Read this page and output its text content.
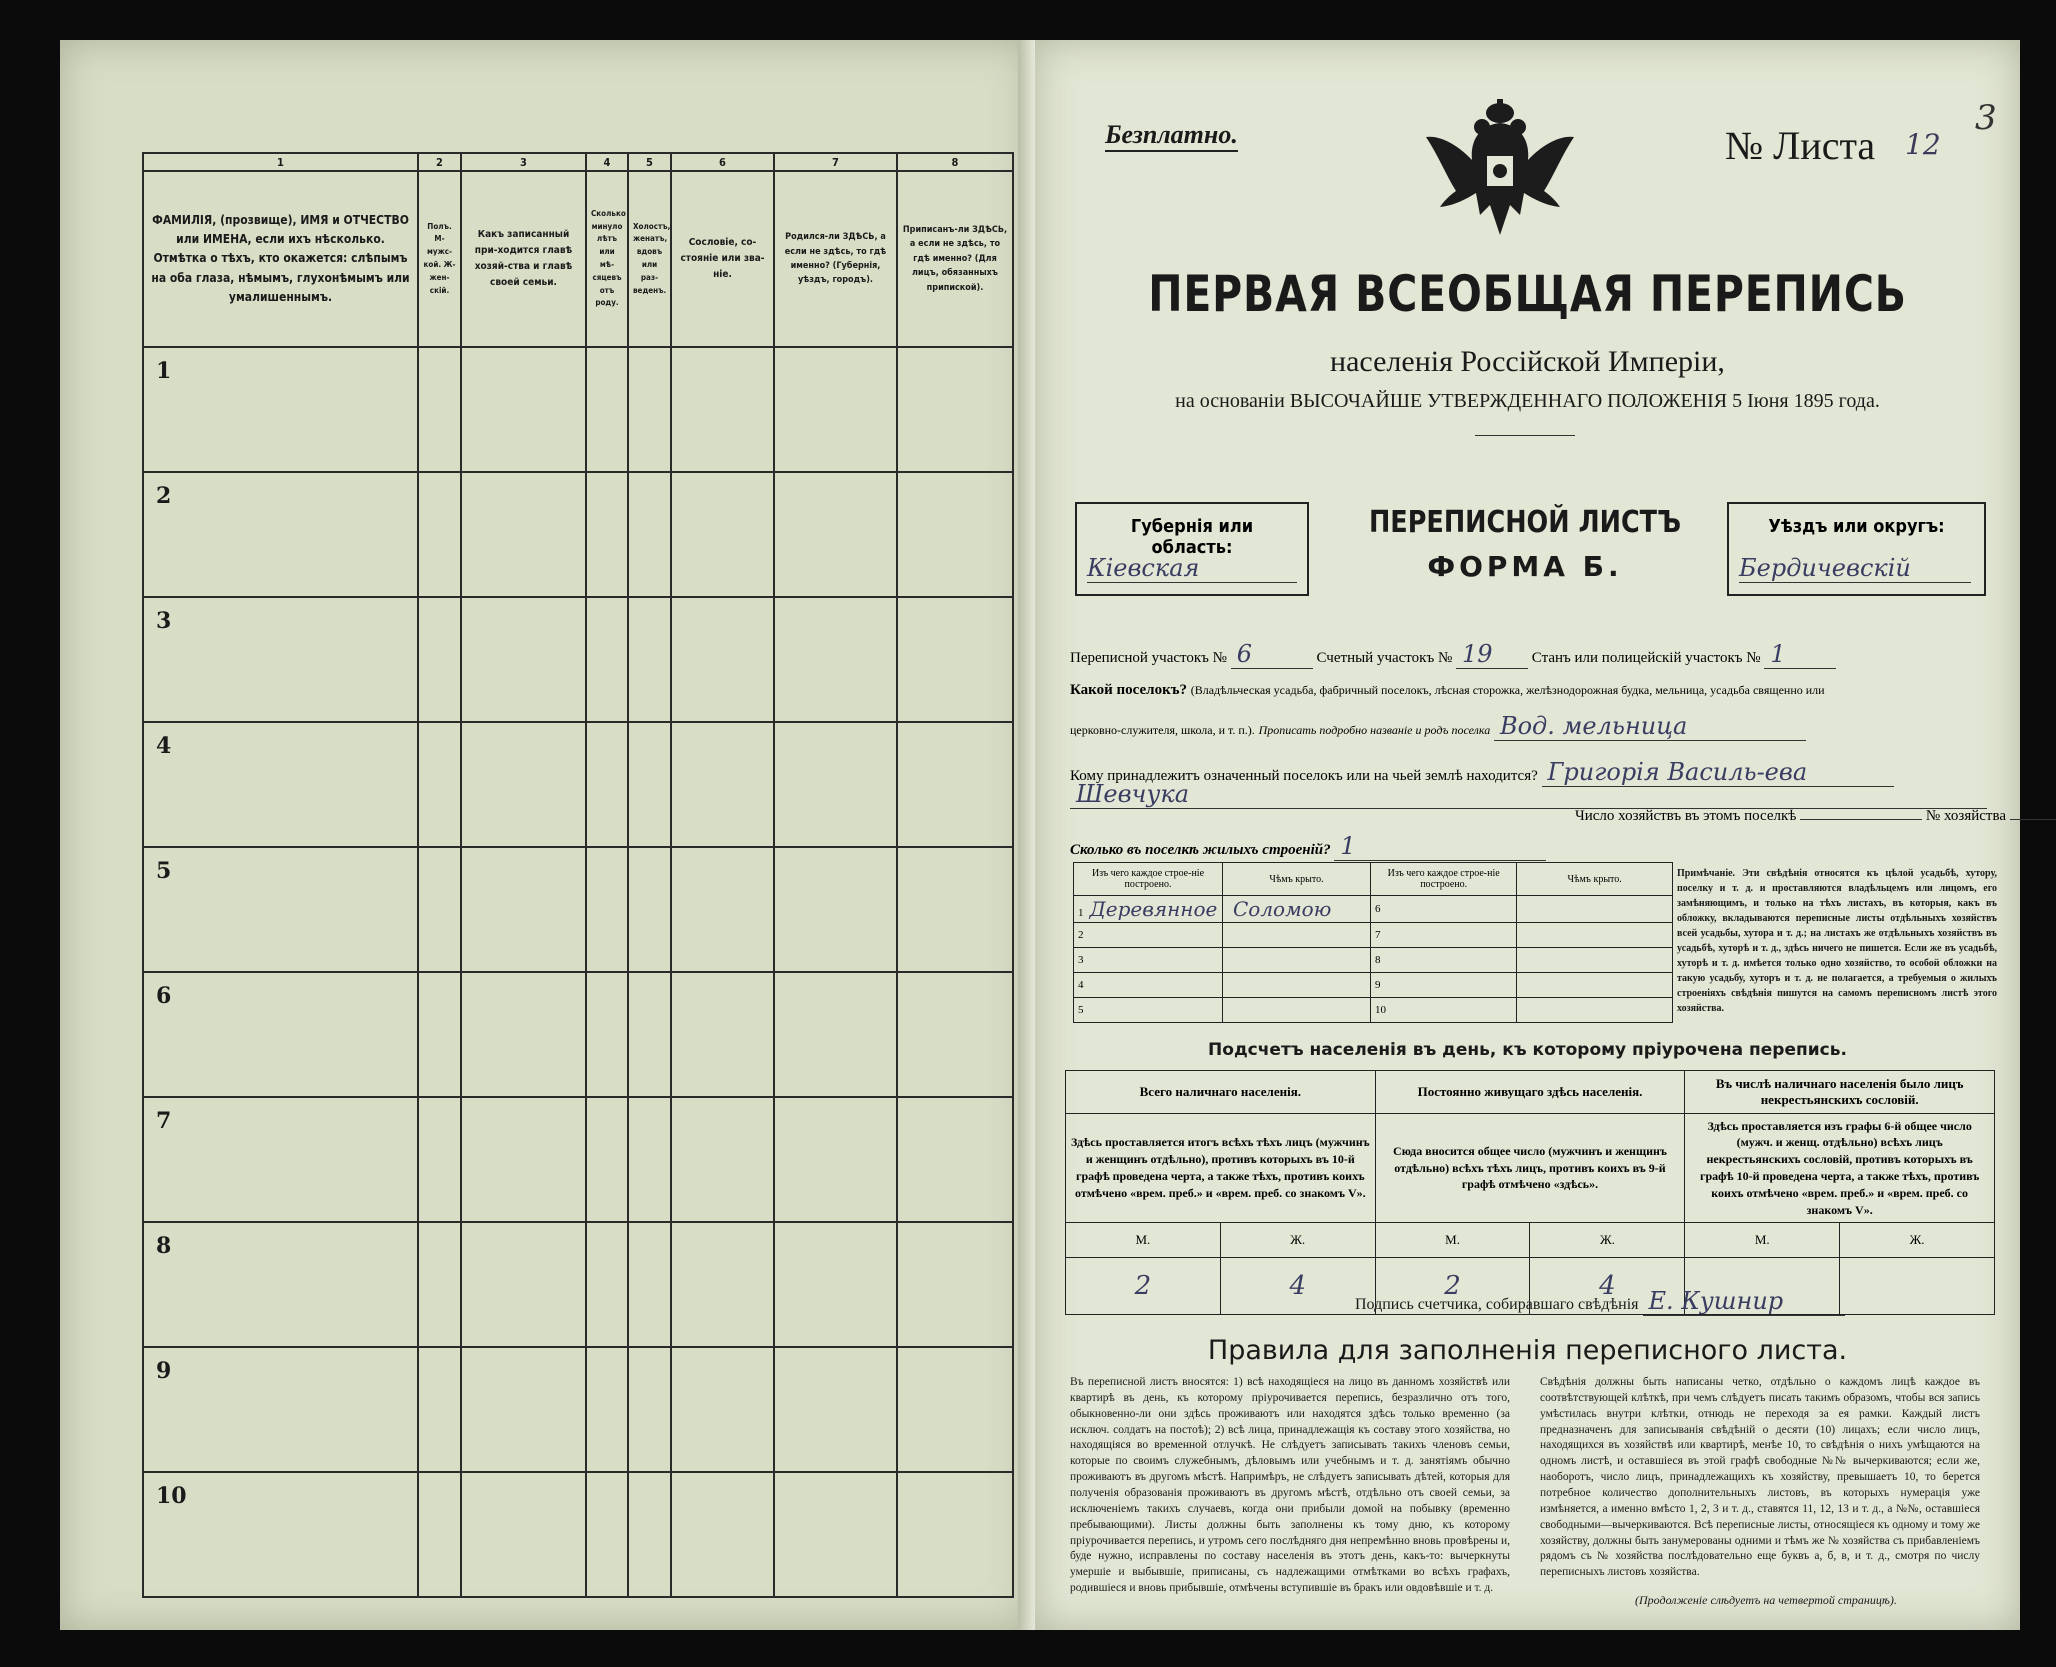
1	2	3	4	5	6	7	8
ФАМИЛІЯ, (прозвище), ИМЯ и ОТЧЕСТВО или ИМЕНА, если ихъ нѣсколько. Отмѣтка о тѣхъ, кто окажется: слѣпымъ на оба глаза, нѣмымъ, глухонѣмымъ или умалишеннымъ.	Полъ. М-мужс-кой. Ж-жен-скій.	Какъ записанный при-ходится главѣ хозяй-ства и главѣ своей семьи.	Сколько минуло лѣтъ или мѣ-сяцевъ отъ роду.	Холостъ, женатъ, вдовъ или раз-веденъ.	Сословіе, со-стояніе или зва-ніе.	Родился-ли ЗДѢСЬ, а если не здѣсь, то гдѣ именно? (Губернія, уѣздъ, городъ).	Приписанъ-ли ЗДѢСЬ, а если не здѣсь, то гдѣ именно? (Для лицъ, обязанныхъ припиской).
1							
2							
3							
4							
5							
6							
7							
8							
9							
10							
Безплатно.	№ Листа 12
3
ПЕРВАЯ ВСЕОБЩАЯ ПЕРЕПИСЬ
населенія Россійской Имперіи,
на основаніи ВЫСОЧАЙШЕ УТВЕРЖДЕННАГО ПОЛОЖЕНІЯ 5 Іюня 1895 года.
Губернія или область:
Кіевская
ПЕРЕПИСНОЙ ЛИСТЪ
ФОРМА Б.
Уѣздъ или округъ:
Бердичевскій
Переписной участокъ № 6	Счетный участокъ № 19	Станъ или полицейскій участокъ № 1
Какой поселокъ? (Владѣльческая усадьба, фабричный поселокъ, лѣсная сторожка, желѣзнодорожная будка, мельница, усадьба священно или
церковно-служителя, школа, и т. п.). Прописать подробно названіе и родъ поселка Вод. мельница
Кому принадлежитъ означенный поселокъ или на чьей землѣ находится? Григорія Василь-ева
Шевчука
Число хозяйствъ въ этомъ поселкѣ	№ хозяйства
Сколько въ поселкѣ жилыхъ строеній? 1
Изъ чего каждое строе-ніе построено.	Чѣмъ крыто.	Изъ чего каждое строе-ніе построено.	Чѣмъ крыто.
1 Деревянное	Соломою	6	
2		7	
3		8	
4		9	
5		10	
Примѣчаніе. Эти свѣдѣнія относятся къ цѣлой усадьбѣ, хутору, поселку и т. д. и проставляются владѣльцемъ или лицомъ, его замѣняющимъ, и только на тѣхъ листахъ, въ которыя, какъ въ обложку, вкладываются переписные листы отдѣльныхъ хозяйствъ всей усадьбы, хутора и т. д.; на листахъ же отдѣльныхъ хозяйствъ въ усадьбѣ, хуторѣ и т. д., здѣсь ничего не пишется. Если же въ усадьбѣ, хуторѣ и т. д. имѣется только одно хозяйство, то особой обложки на такую усадьбу, хуторъ и т. д. не полагается, а требуемыя о жилыхъ строеніяхъ свѣдѣнія пишутся на самомъ переписномъ листѣ этого хозяйства.
Подсчетъ населенія въ день, къ которому пріурочена перепись.
Всего наличнаго населенія.		Постоянно живущаго здѣсь населенія.		Въ числѣ наличнаго населенія было лицъ некрестьянскихъ сословій.	
Здѣсь проставляется итогъ всѣхъ тѣхъ лицъ (мужчинъ и женщинъ отдѣльно), противъ которыхъ въ 10-й графѣ проведена черта, а также тѣхъ, противъ коихъ отмѣчено «врем. преб.» и «врем. преб. со знакомъ V».		Сюда вносится общее число (мужчинъ и женщинъ отдѣльно) всѣхъ тѣхъ лицъ, противъ коихъ въ 9-й графѣ отмѣчено «здѣсь».		Здѣсь проставляется изъ графы 6-й общее число (мужч. и женщ. отдѣльно) всѣхъ лицъ некрестьянскихъ сословій, противъ которыхъ въ графѣ 10-й проведена черта, а также тѣхъ, противъ коихъ отмѣчено «врем. преб.» и «врем. преб. со знакомъ V».	
М.	Ж.	М.	Ж.	М.	Ж.
2	4	2	4		
Подпись счетчика, собиравшаго свѣдѣнія Е. Кушнир
Правила для заполненія переписного листа.
Въ переписной листъ вносятся: 1) всѣ находящіеся на лицо въ данномъ хозяйствѣ или квартирѣ въ день, къ которому пріурочивается перепись, безразлично отъ того, обыкновенно-ли они здѣсь проживаютъ или находятся здѣсь только временно (за исключ. солдатъ на постоѣ); 2) всѣ лица, принадлежащія къ составу этого хозяйства, но находящіяся во временной отлучкѣ. Не слѣдуетъ записывать такихъ членовъ семьи, которые по своимъ служебнымъ, дѣловымъ или учебнымъ и т. д. занятіямъ обычно проживаютъ въ другомъ мѣстѣ. Напримѣръ, не слѣдуетъ записывать дѣтей, которыя для полученія образованія проживаютъ въ другомъ мѣстѣ, отдѣльно отъ своей семьи, за исключеніемъ такихъ случаевъ, когда они прибыли домой на побывку (временно пребывающими). Листы должны быть заполнены къ тому дню, къ которому пріурочивается перепись, и утромъ сего послѣдняго дня непремѣнно вновь провѣрены и, буде нужно, исправлены по составу населенія въ этотъ день, какъ-то: вычеркнуты умершіе и выбывшіе, приписаны, съ надлежащими отмѣтками во всѣхъ графахъ, родившіеся и вновь прибывшіе, отмѣчены вступившіе въ бракъ или овдовѣвшіе и т. д.
Свѣдѣнія должны быть написаны четко, отдѣльно о каждомъ лицѣ каждое въ соотвѣтствующей клѣткѣ, при чемъ слѣдуетъ писать такимъ образомъ, чтобы вся запись умѣстилась внутри клѣтки, отнюдь не переходя за ея рамки. Каждый листъ предназначенъ для записыванія свѣдѣній о десяти (10) лицахъ; если число лицъ, находящихся въ хозяйствѣ или квартирѣ, менѣе 10, то свѣдѣнія о нихъ умѣщаются на одномъ листѣ, и оставшіеся въ этой графѣ свободные №№ вычеркиваются; если же, наоборотъ, число лицъ, принадлежащихъ къ хозяйству, превышаетъ 10, то берется потребное количество дополнительныхъ листовъ, въ которыхъ нумерація уже измѣняется, а именно вмѣсто 1, 2, 3 и т. д., ставятся 11, 12, 13 и т. д., а №№, оставшіеся свободными—вычеркиваются. Всѣ переписные листы, относящіеся къ одному и тому же хозяйству, должны быть занумерованы одними и тѣмъ же № хозяйства съ прибавленіемъ рядомъ съ № хозяйства послѣдовательно еще буквъ а, б, в, и т. д., смотря по числу переписныхъ листовъ хозяйства.
(Продолженіе слѣдуетъ на четвертой страницѣ).
